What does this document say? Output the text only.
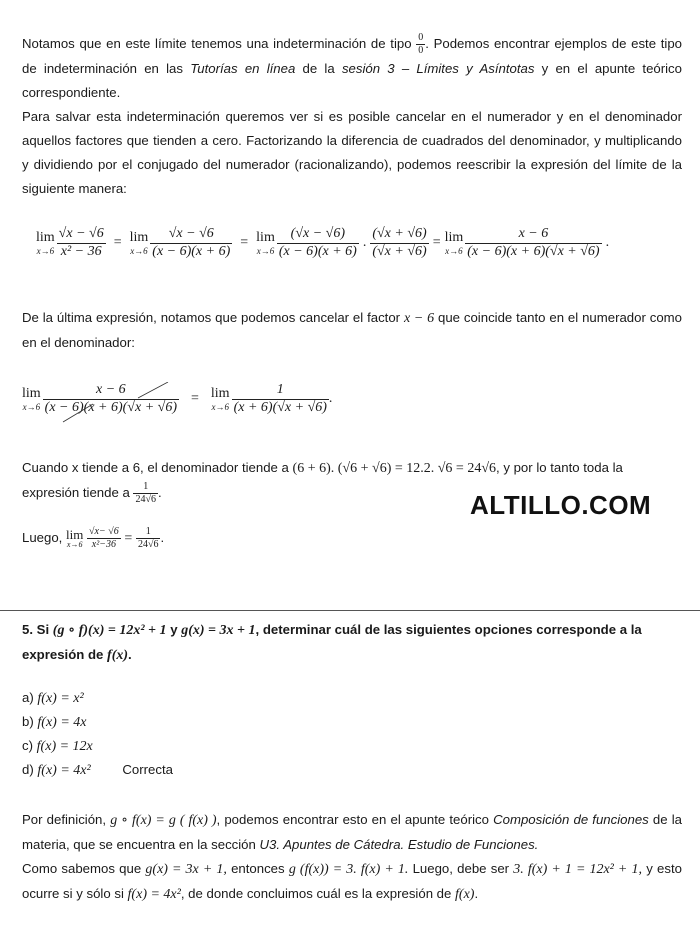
Notamos que en este límite tenemos una indeterminación de tipo $\frac{0}{0}$ . Podemos encontrar ejemplos de este tipo de indeterminación en las Tutorías en línea de la sesión 3 – Límites y Asíntotas y en el apunte teórico correspondiente.
Para salvar esta indeterminación queremos ver si es posible cancelar en el numerador y en el denominador aquellos factores que tienden a cero. Factorizando la diferencia de cuadrados del denominador, y multiplicando y dividiendo por el conjugado del numerador (racionalizando), podemos reescribir la expresión del límite de la siguiente manera:
lim
$x\to 6 \frac{√x - √6}{\text{x² − 36}} = \lim$
$x\to 6 \frac{√x - √6}{(x - 6)(x + 6)} = \lim$
$x\to 6 \frac{(√x - √6)}{(x - 6)(x + 6)}$ . $\frac{(√x + √6)}{(√x + √6)} = \lim$
$x\to 6 \frac{x - 6}{(x - 6)(x + 6)(√x + √6)}$ .
De la última expresión, notamos que podemos cancelar el factor x − 6 que coincide tanto en el numerador como en el denominador:
lim
$x\to 6 \frac{x - 6}{(x - 6)(x + 6)(√x + √6)} = \lim$
$x\to 6 \frac{1}{(x + 6)(√x + √6)}$ .
Cuando x tiende a 6, el denominador tiende a (6 + 6). (√6 + √6) = 12.2. √6 = 24√6, y por lo tanto toda la expresión tiende a $\frac{1}{24√6}$ .	ALTILLO.COM
Luego, lim
x→6
$\frac{√x- √6}{\text{x²−36}} = \frac{1}{24√6}$ .
5. Si (g ∘ f)(x) = 12x² + 1 y g(x) = 3x + 1, determinar cuál de las siguientes opciones corresponde a la expresión de f(x).
a) f(x) = x²
b) f(x) = 4x
c) f(x) = 12x
d) f(x) = 4x² Correcta
Por definición, g ∘ f(x) = g ( f(x) ), podemos encontrar esto en el apunte teórico Composición de funciones de la materia, que se encuentra en la sección U3. Apuntes de Cátedra. Estudio de Funciones.
Como sabemos que g(x) = 3x + 1, entonces g (f(x)) = 3. f(x) + 1. Luego, debe ser 3. f(x) + 1 = 12x² + 1, y esto ocurre si y sólo si f(x) = 4x², de donde concluimos cuál es la expresión de f(x).
